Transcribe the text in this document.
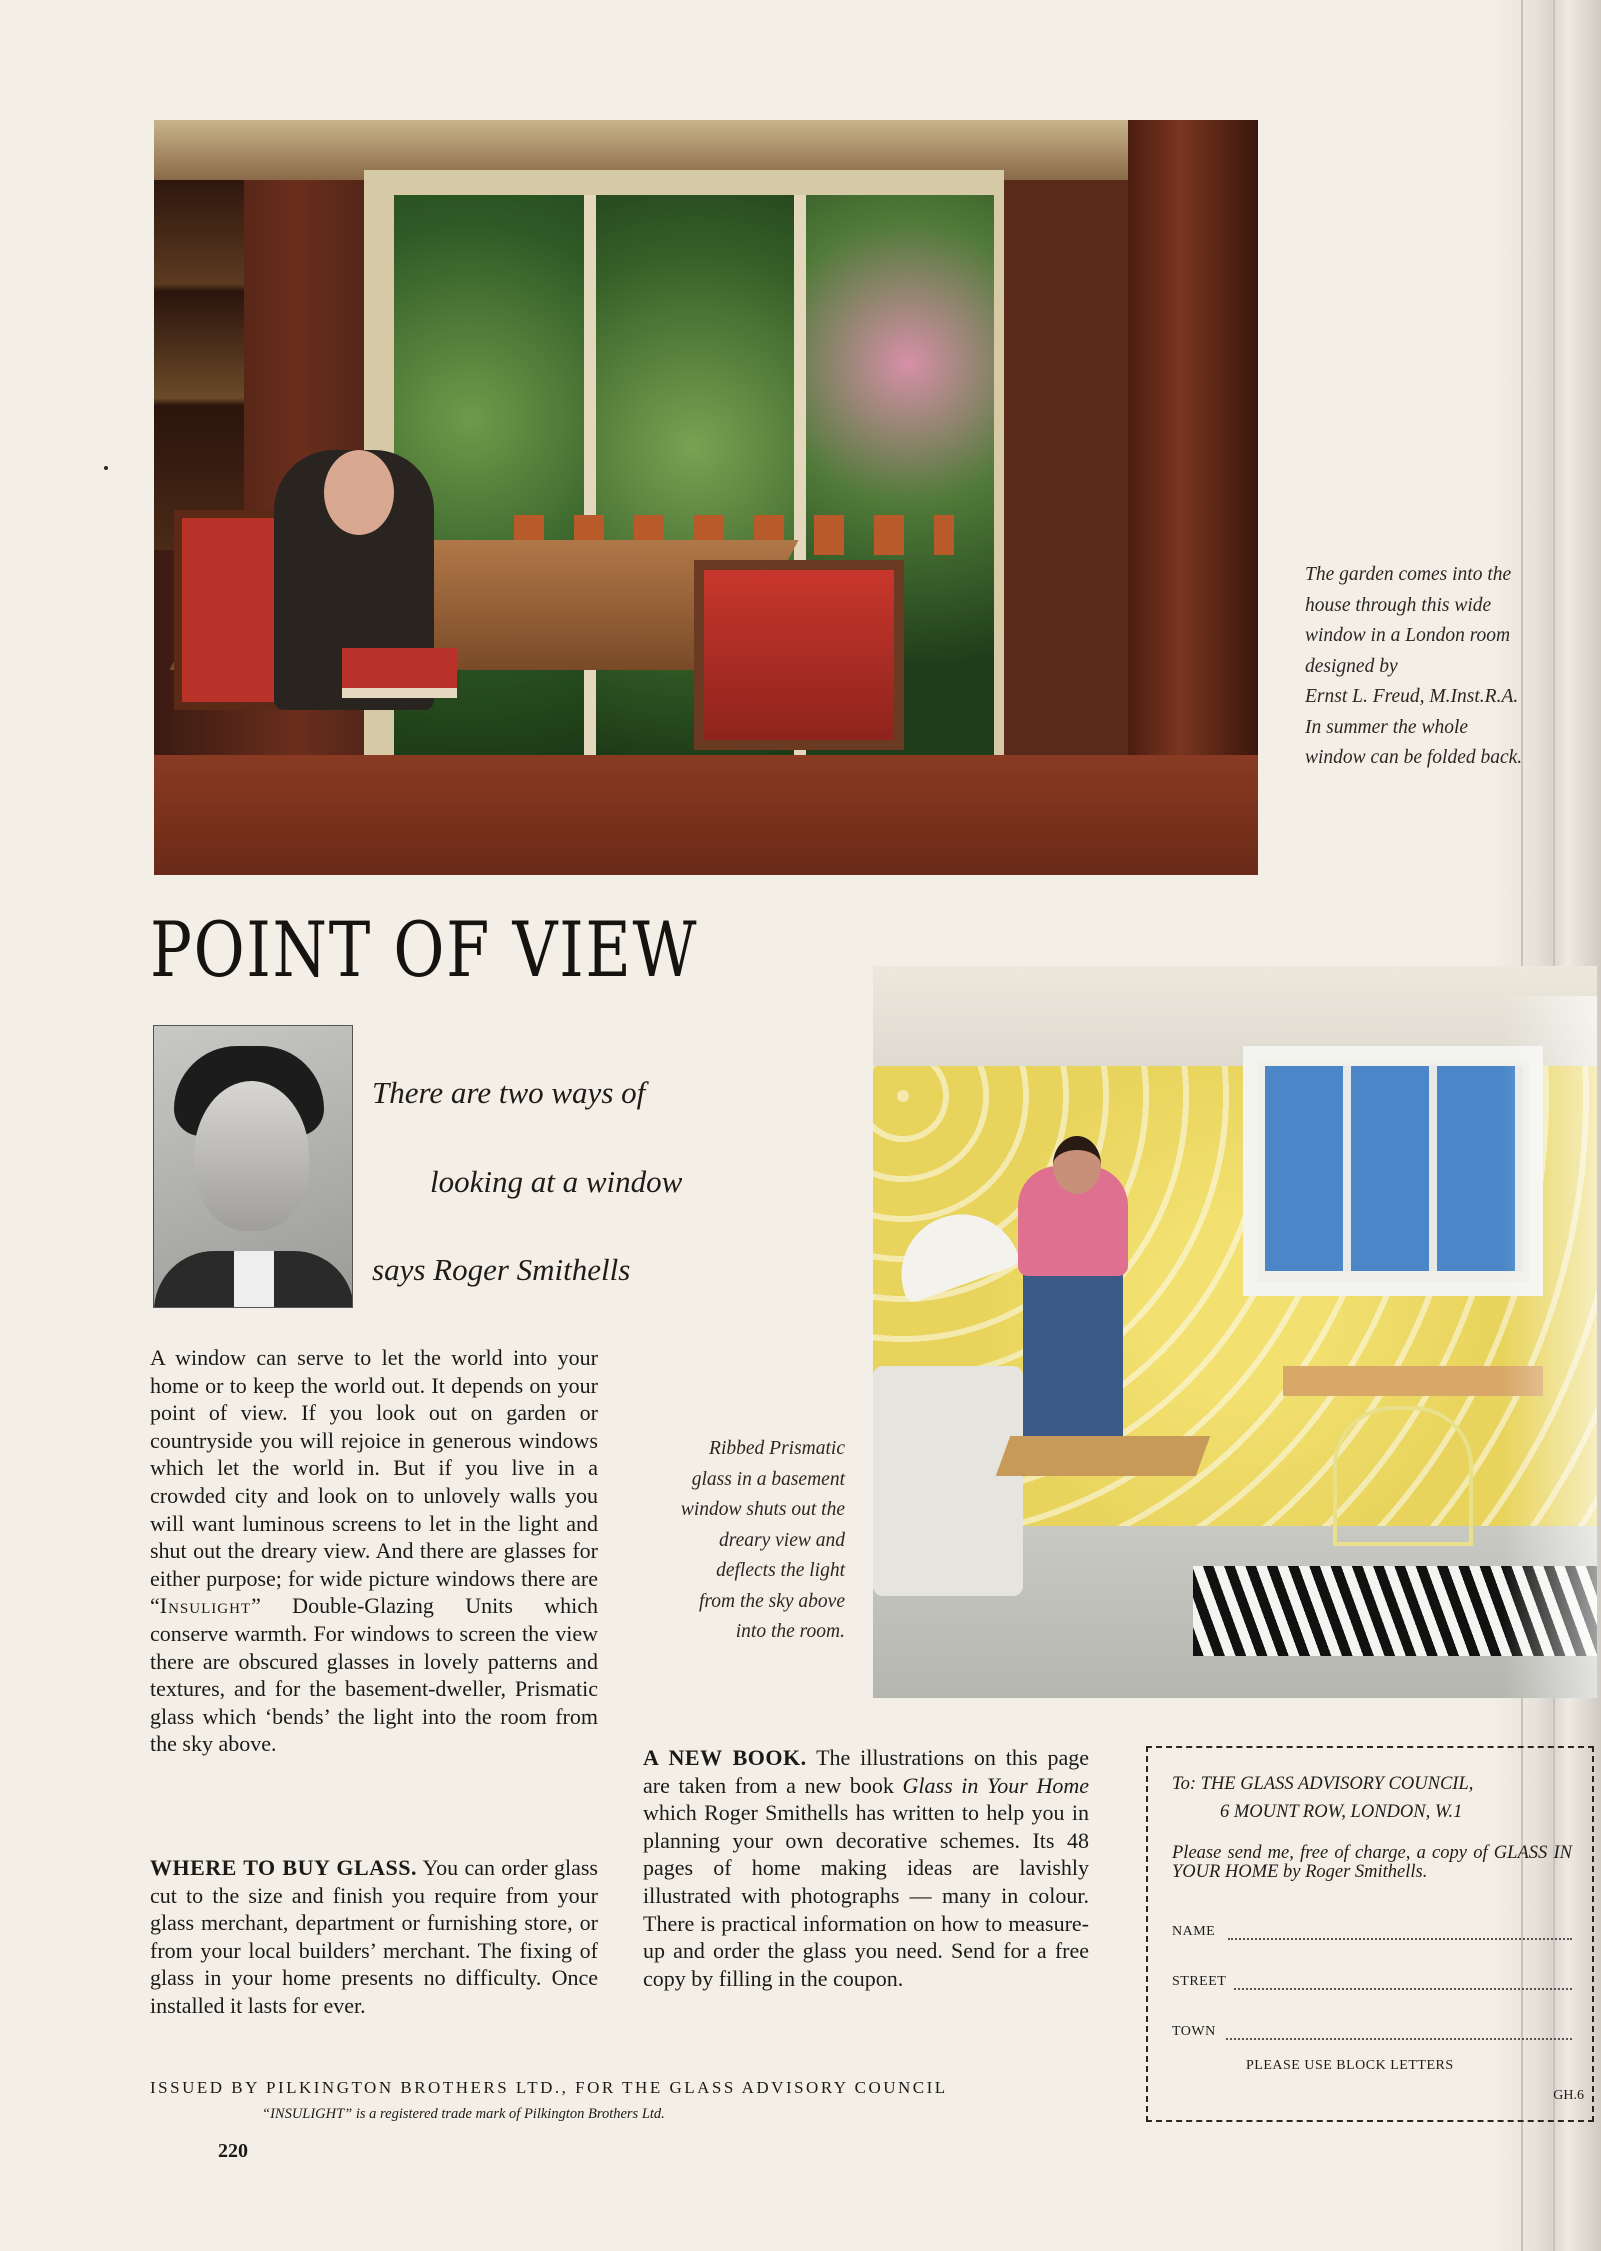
The garden comes into the
house through this wide
window in a London room
designed by
Ernst L. Freud, M.Inst.R.A.
In summer the whole
window can be folded back.
POINT OF VIEW
There are two ways of
looking at a window
says Roger Smithells
A window can serve to let the world into your home or to keep the world out. It depends on your point of view. If you look out on garden or countryside you will rejoice in generous windows which let the world in. But if you live in a crowded city and look on to unlovely walls you will want luminous screens to let in the light and shut out the dreary view. And there are glasses for either purpose; for wide picture windows there are “Insulight” Double-Glazing Units which conserve warmth. For windows to screen the view there are obscured glasses in lovely patterns and textures, and for the basement-dweller, Prismatic glass which ‘bends’ the light into the room from the sky above.
WHERE TO BUY GLASS. You can order glass cut to the size and finish you require from your glass merchant, department or furnishing store, or from your local builders’ merchant. The fixing of glass in your home presents no difficulty. Once installed it lasts for ever.
Ribbed Prismatic
glass in a basement
window shuts out the
dreary view and
deflects the light
from the sky above
into the room.
A NEW BOOK. The illustrations on this page are taken from a new book Glass in Your Home which Roger Smithells has written to help you in planning your own decorative schemes. Its 48 pages of home making ideas are lavishly illustrated with photographs — many in colour. There is practical information on how to measure-up and order the glass you need. Send for a free copy by filling in the coupon.
To: THE GLASS ADVISORY COUNCIL,
6 MOUNT ROW, LONDON, W.1
Please send me, free of charge, a copy of GLASS IN YOUR HOME by Roger Smithells.
NAME
STREET
TOWN
PLEASE USE BLOCK LETTERS
GH.6
ISSUED BY PILKINGTON BROTHERS LTD., FOR THE GLASS ADVISORY COUNCIL
“INSULIGHT” is a registered trade mark of Pilkington Brothers Ltd.
220
